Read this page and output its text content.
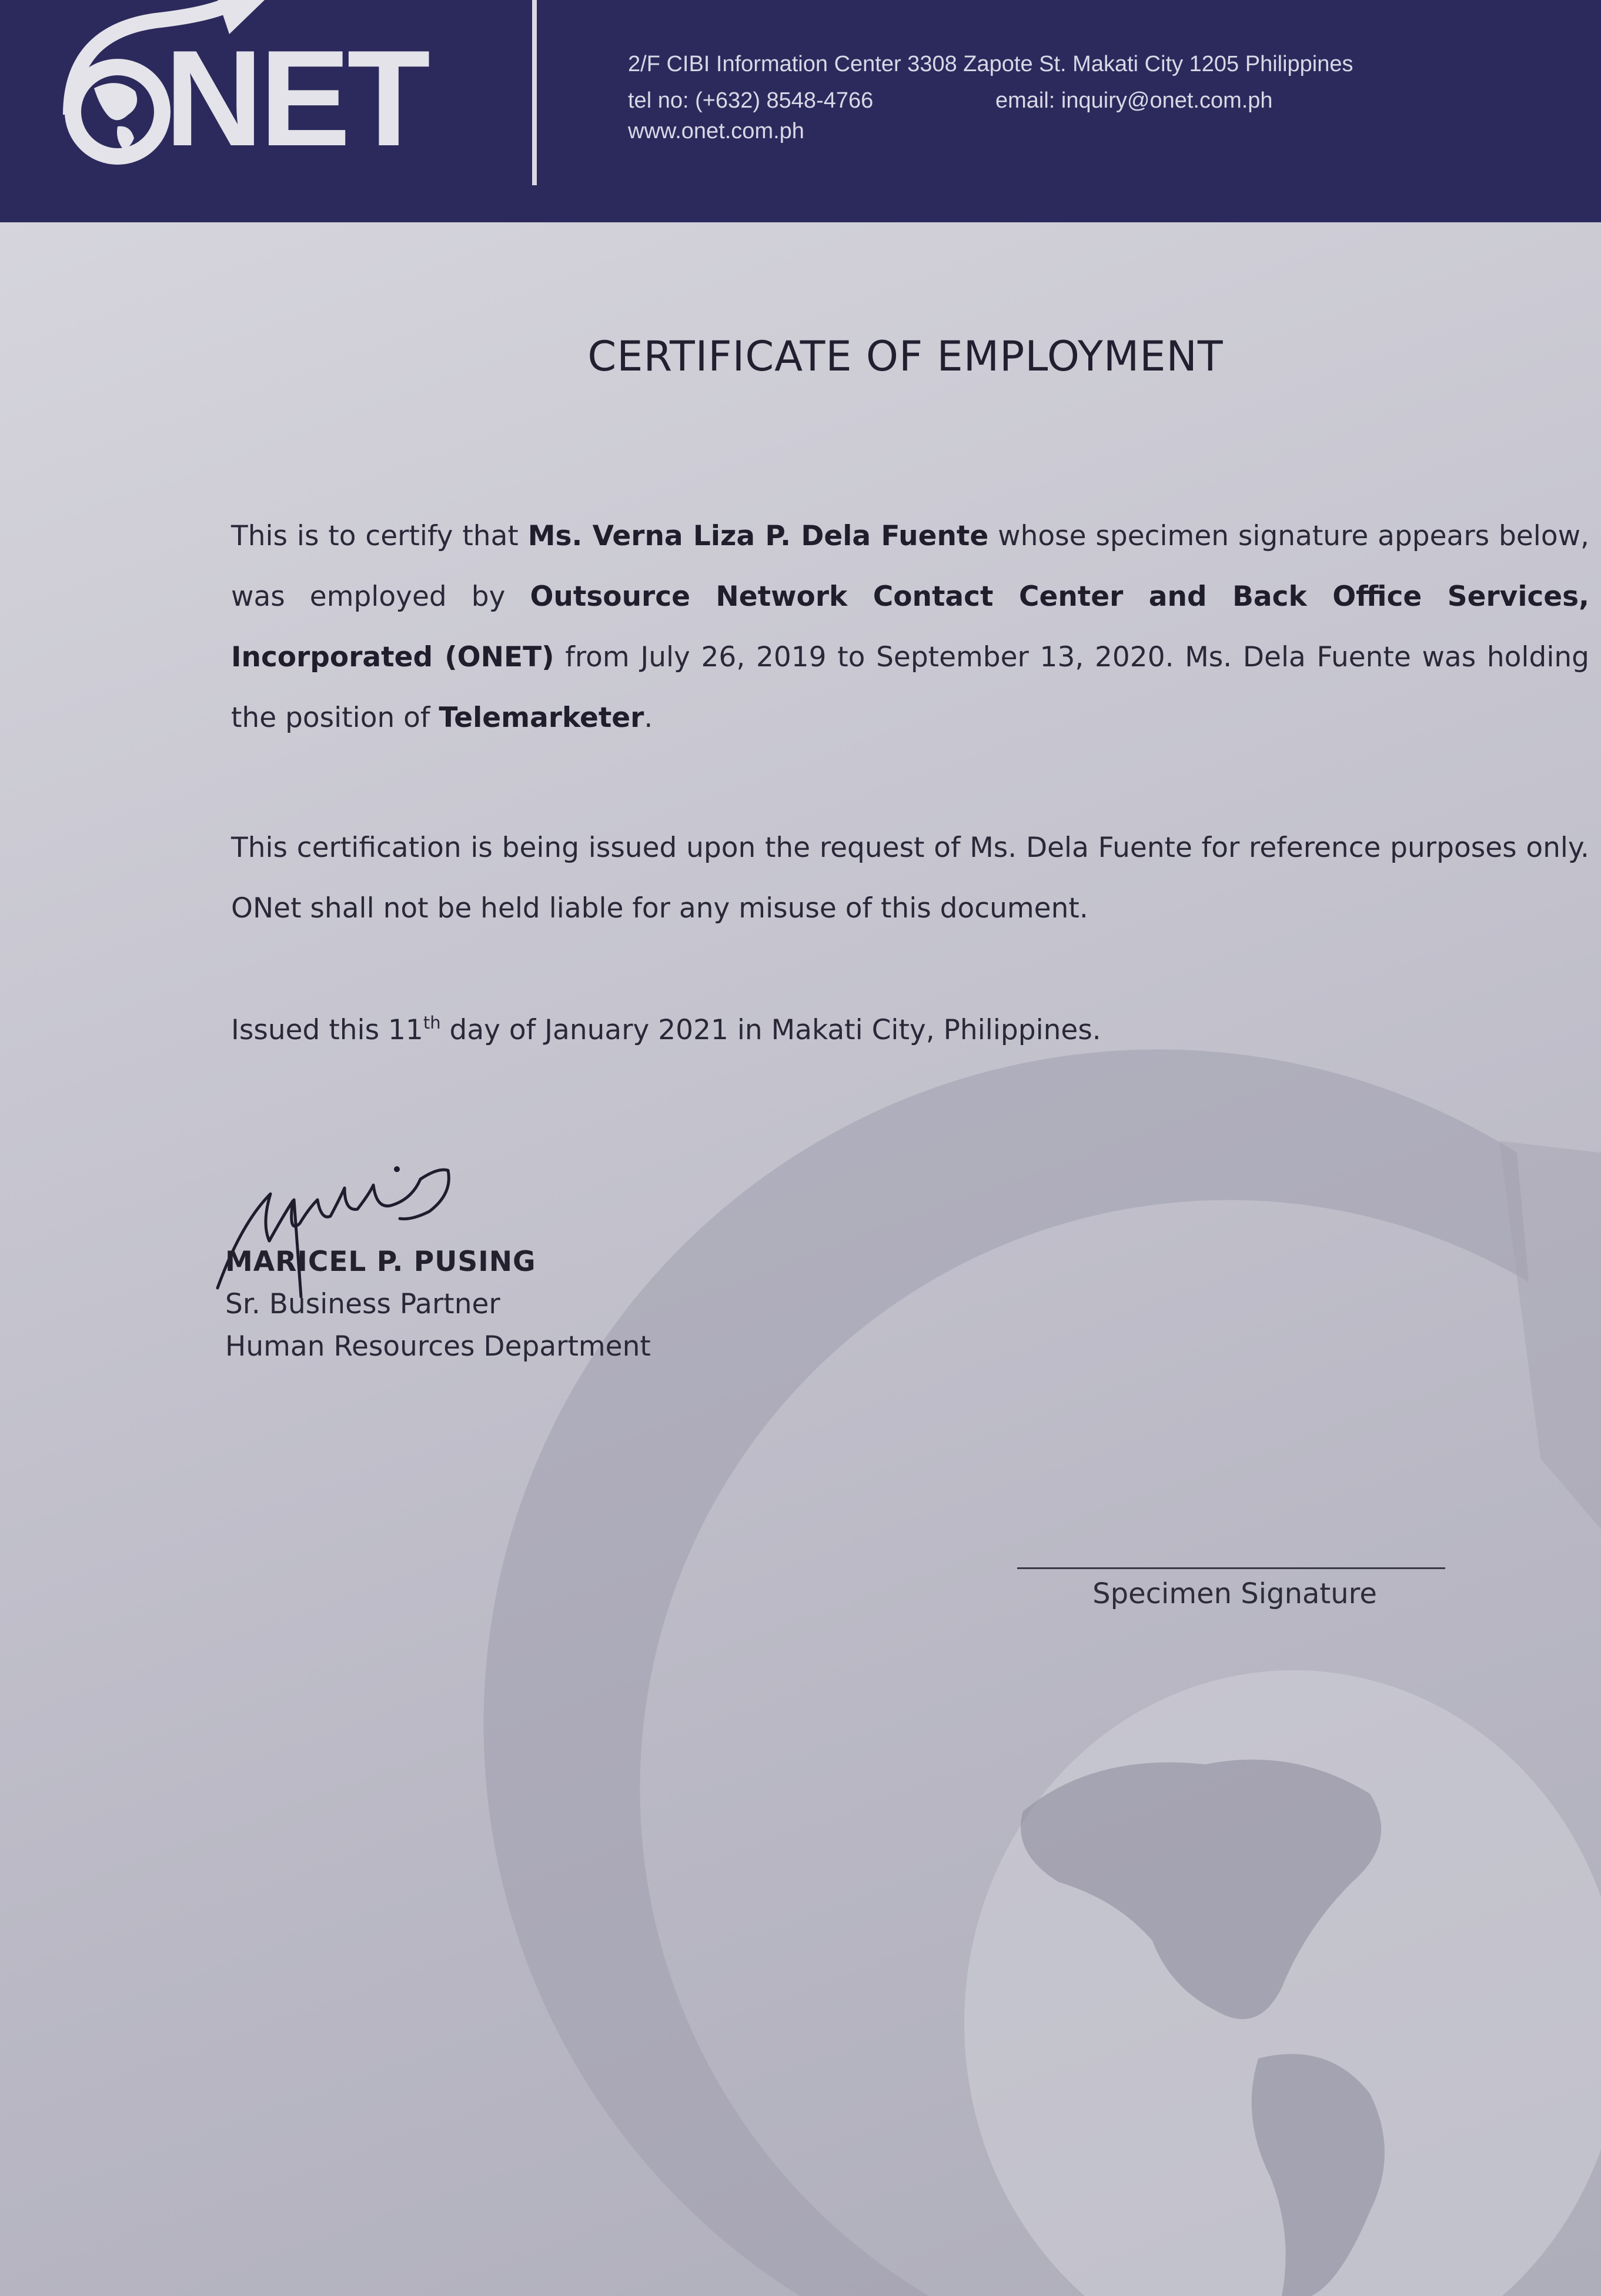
NET	2/F CIBI Information Center 3308 Zapote St. Makati City 1205 Philippines
tel no: (+632) 8548-4766	email: inquiry@onet.com.ph
www.onet.com.ph
CERTIFICATE OF EMPLOYMENT
This is to certify that Ms. Verna Liza P. Dela Fuente whose specimen signature appears below, was employed by Outsource Network Contact Center and Back Office Services, Incorporated (ONET) from July 26, 2019 to September 13, 2020. Ms. Dela Fuente was holding the position of Telemarketer.
This certification is being issued upon the request of Ms. Dela Fuente for reference purposes only. ONet shall not be held liable for any misuse of this document.
Issued this 11th day of January 2021 in Makati City, Philippines.
MARICEL P. PUSING
Sr. Business Partner
Human Resources Department
Specimen Signature
